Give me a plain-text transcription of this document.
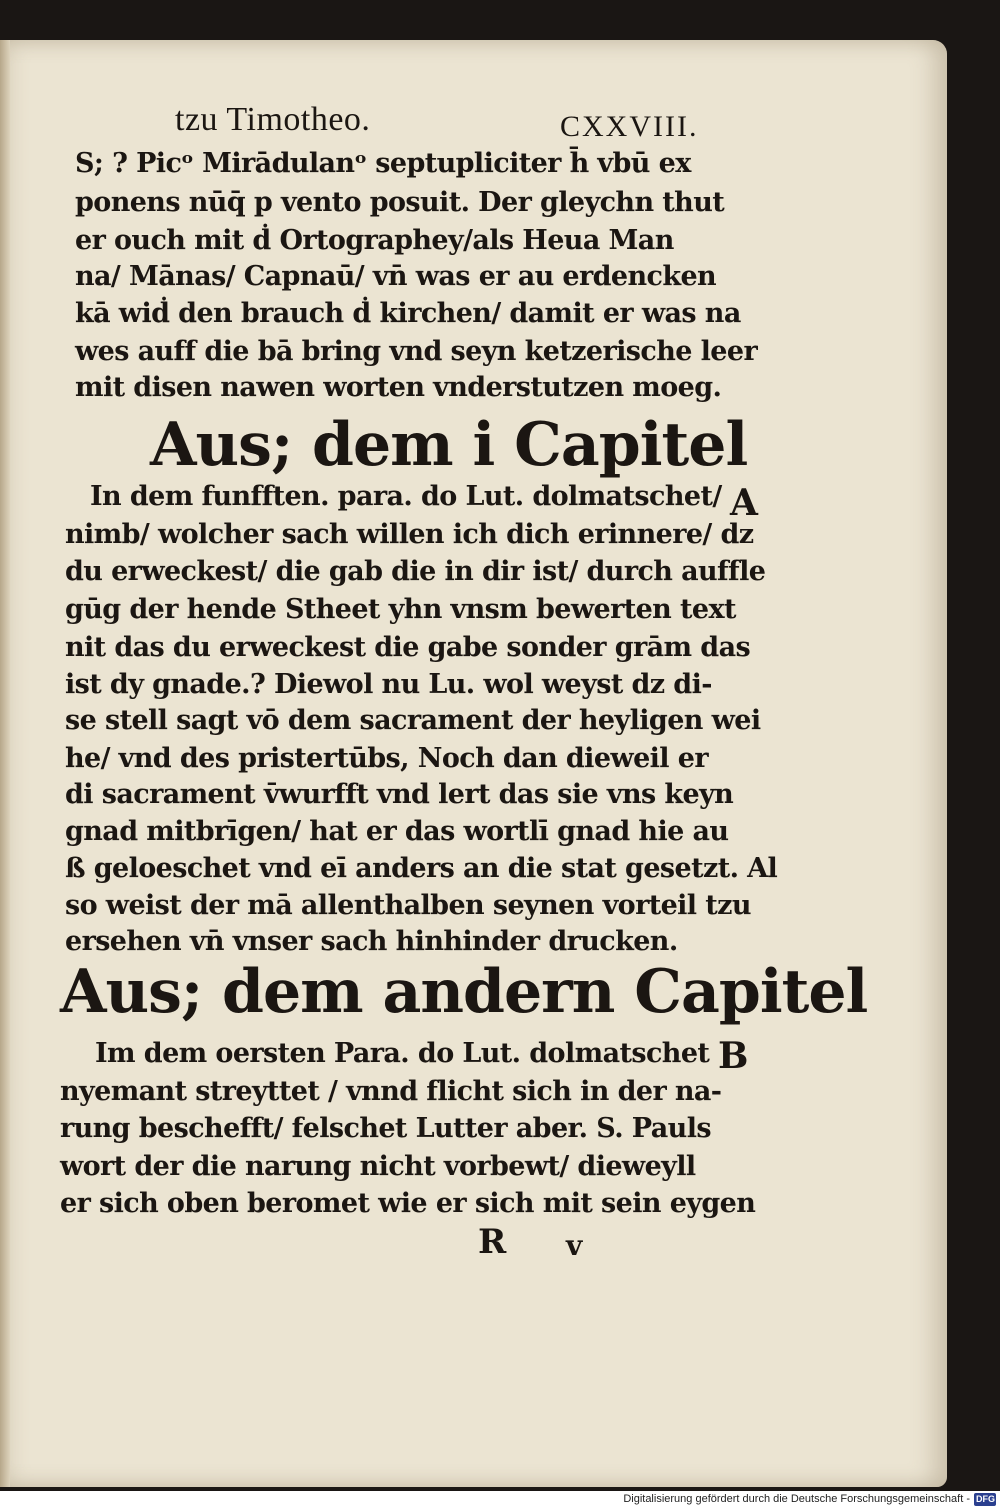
tzu Timotheo.	CXXVIII.
S; ? Picᵒ Mirādulanᵒ septupliciter h̄ vbū ex
ponens nūq̄ p vento posuit. Der gleychn thut
er ouch mit ḋ Ortographey/als Heua Man
na/ Mānas/ Capnaū/ vn̄ was er au erdencken
kā wiḋ den brauch ḋ kirchen/ damit er was na
wes auff die bā bring vnd seyn ketzerische leer
mit disen nawen worten vnderstutzen moeg.
Aus; dem i Capitel
A
In dem funfften. para. do Lut. dolmatschet/
nimb/ wolcher sach willen ich dich erinnere/ dz
du erweckest/ die gab die in dir ist/ durch auffle
gūg der hende Stheet yhn vnsm bewerten text
nit das du erweckest die gabe sonder grām das
ist dy gnade.? Diewol nu Lu. wol weyst dz di-
se stell sagt vō dem sacrament der heyligen wei
he/ vnd des pristertūbs, Noch dan dieweil er
di sacrament v̄wurfft vnd lert das sie vns keyn
gnad mitbrīgen/ hat er das wortlī gnad hie au
ß geloeschet vnd eī anders an die stat gesetzt. Al
so weist der mā allenthalben seynen vorteil tzu
ersehen vn̄ vnser sach hinhinder drucken.
Aus; dem andern Capitel
B
Im dem oersten Para. do Lut. dolmatschet
nyemant streyttet / vnnd flicht sich in der na-
rung beschefft/ felschet Lutter aber. S. Pauls
wort der die narung nicht vorbewt/ dieweyll
er sich oben beromet wie er sich mit sein eygen
R	v
Digitalisierung gefördert durch die Deutsche Forschungsgemeinschaft - DFG
